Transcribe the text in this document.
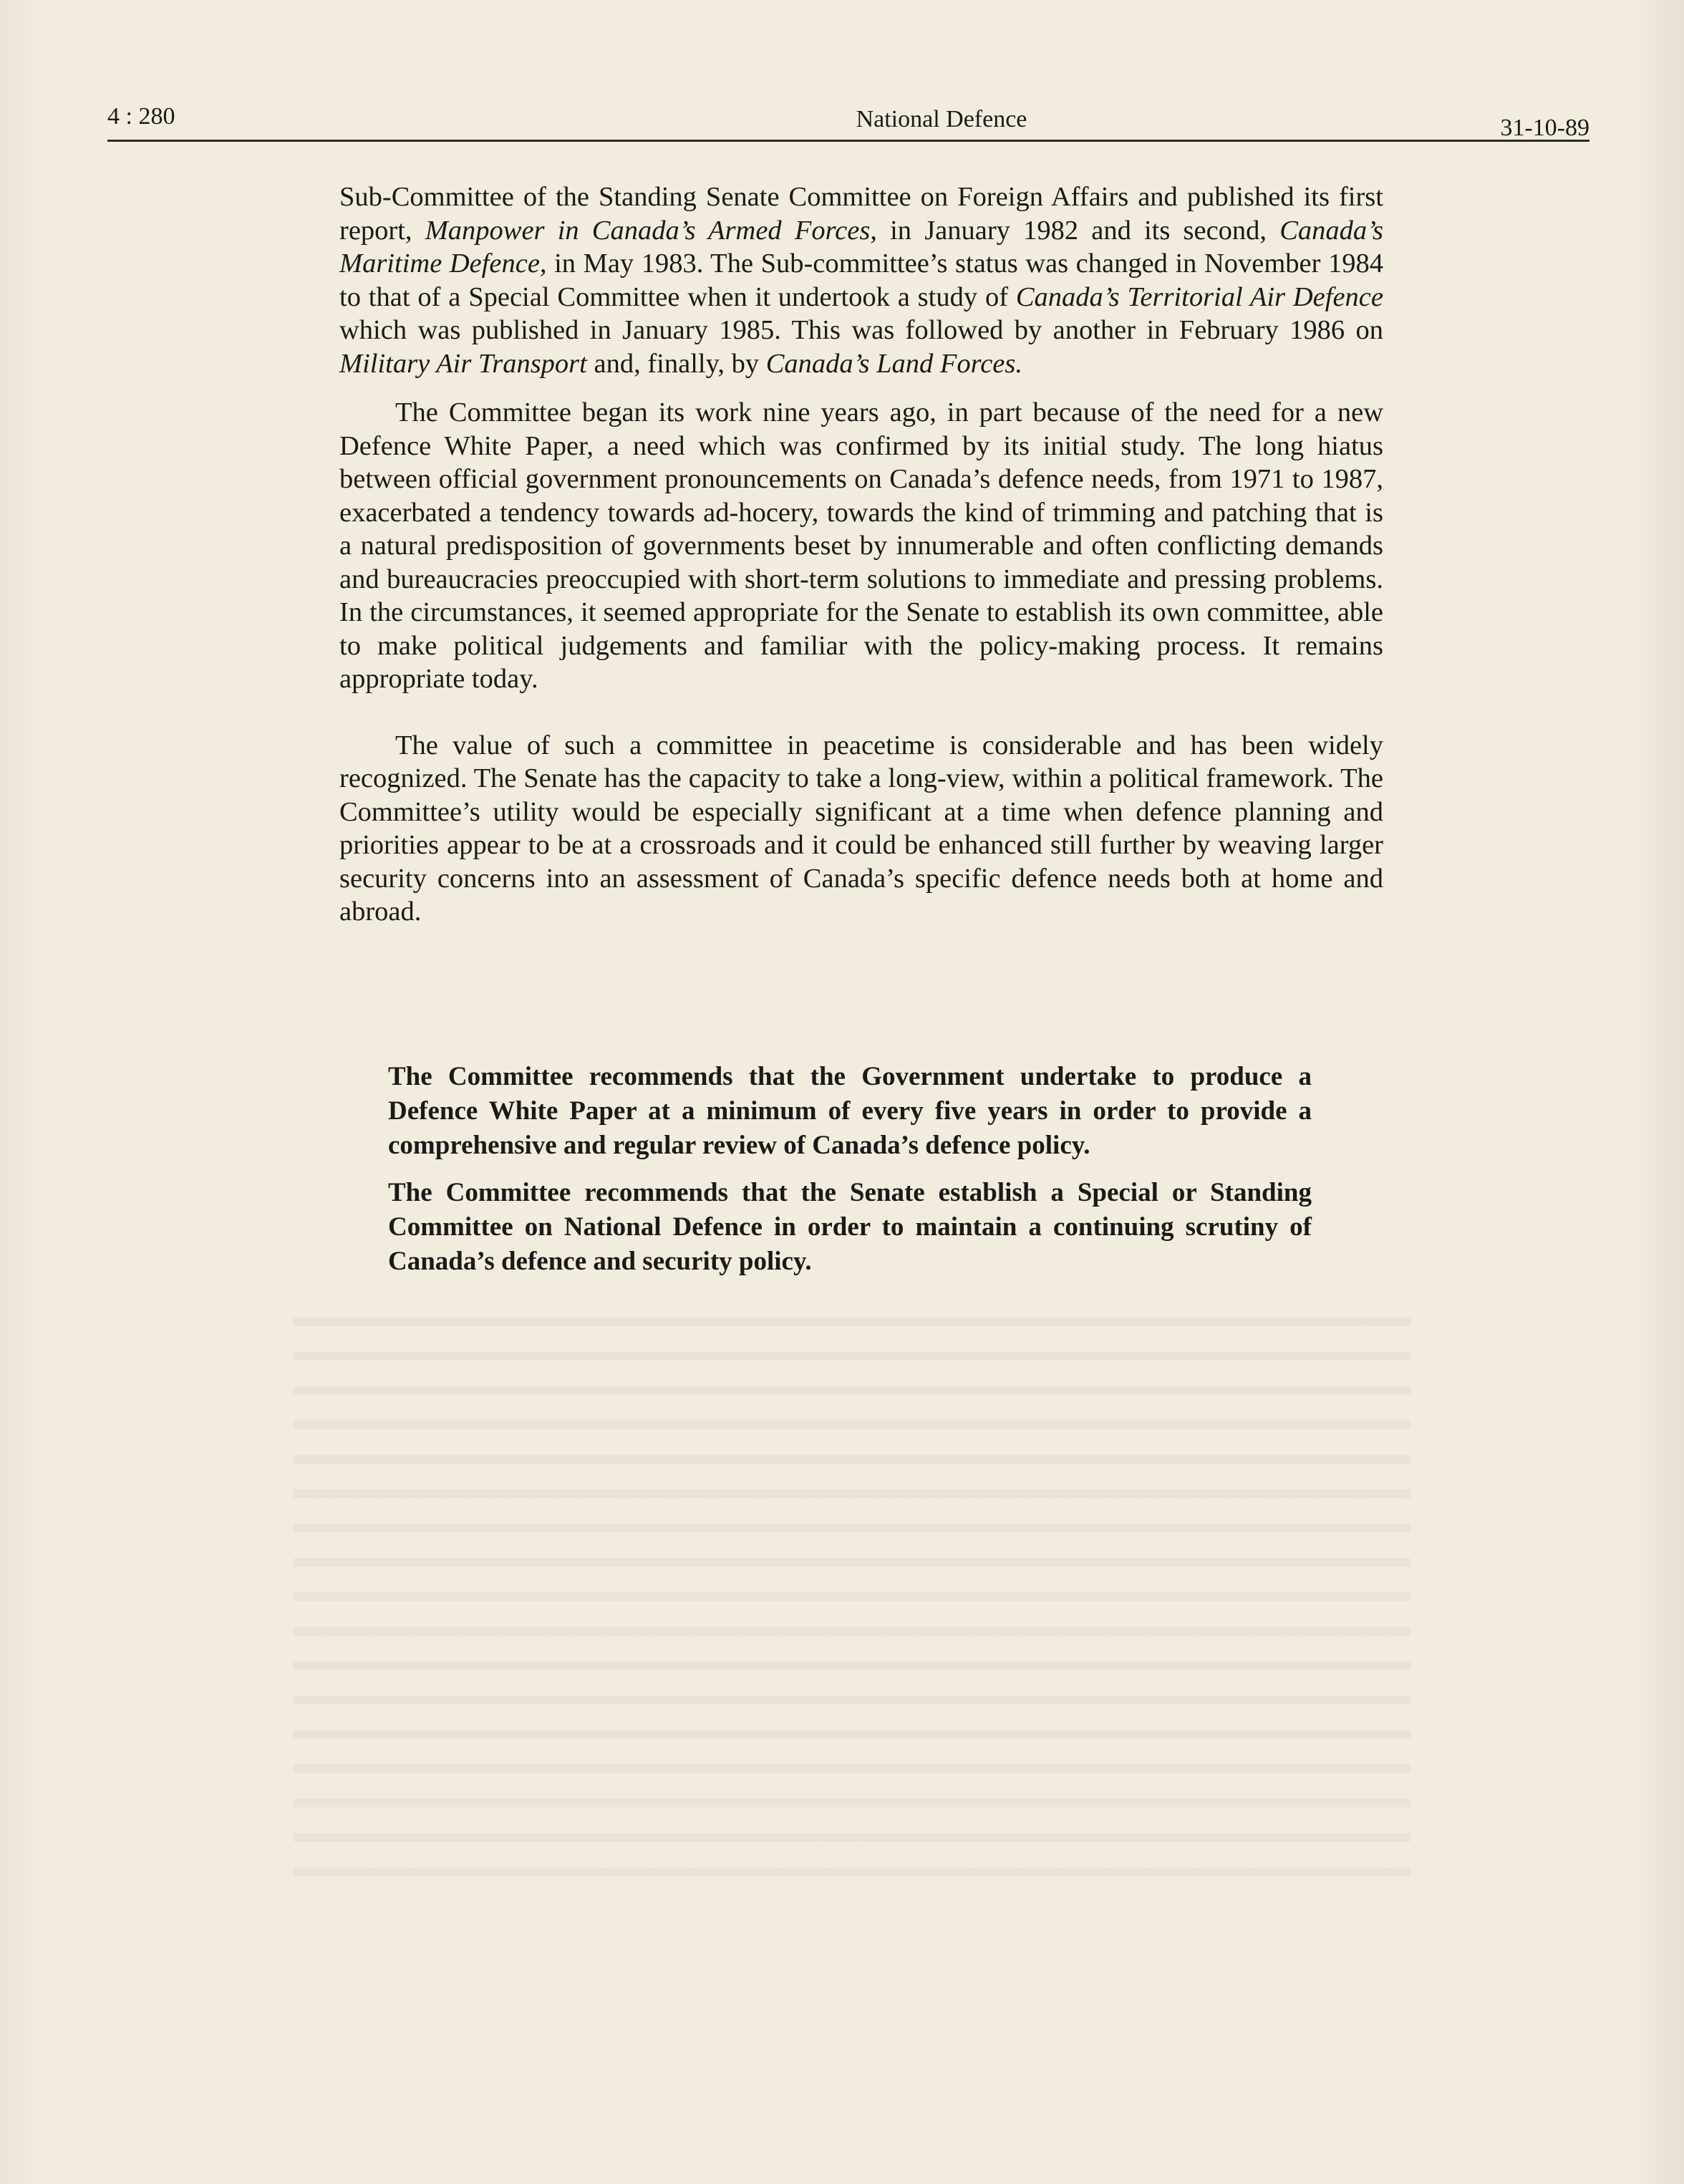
4 : 280	National Defence	31-10-89

Sub-Committee of the Standing Senate Committee on Foreign Affairs and published its first report, Manpower in Canada’s Armed Forces, in January 1982 and its second, Canada’s Maritime Defence, in May 1983. The Sub-committee’s status was changed in November 1984 to that of a Special Committee when it undertook a study of Canada’s Territorial Air Defence which was published in January 1985. This was followed by another in February 1986 on Military Air Transport and, finally, by Canada’s Land Forces.

The Committee began its work nine years ago, in part because of the need for a new Defence White Paper, a need which was confirmed by its initial study. The long hiatus between official government pronouncements on Canada’s defence needs, from 1971 to 1987, exacerbated a tendency towards ad-hocery, towards the kind of trimming and patching that is a natural predisposition of governments beset by innumerable and often conflicting demands and bureaucracies preoccupied with short-term solutions to immediate and pressing problems. In the circumstances, it seemed appropriate for the Senate to establish its own committee, able to make political judgements and familiar with the policy-making process. It remains appropriate today.

The value of such a committee in peacetime is considerable and has been widely recognized. The Senate has the capacity to take a long-view, within a political framework. The Committee’s utility would be especially significant at a time when defence planning and priorities appear to be at a crossroads and it could be enhanced still further by weaving larger security concerns into an assessment of Canada’s specific defence needs both at home and abroad.

The Committee recommends that the Government undertake to produce a Defence White Paper at a minimum of every five years in order to provide a comprehensive and regular review of Canada’s defence policy.

The Committee recommends that the Senate establish a Special or Standing Committee on National Defence in order to maintain a continuing scrutiny of Canada’s defence and security policy.
